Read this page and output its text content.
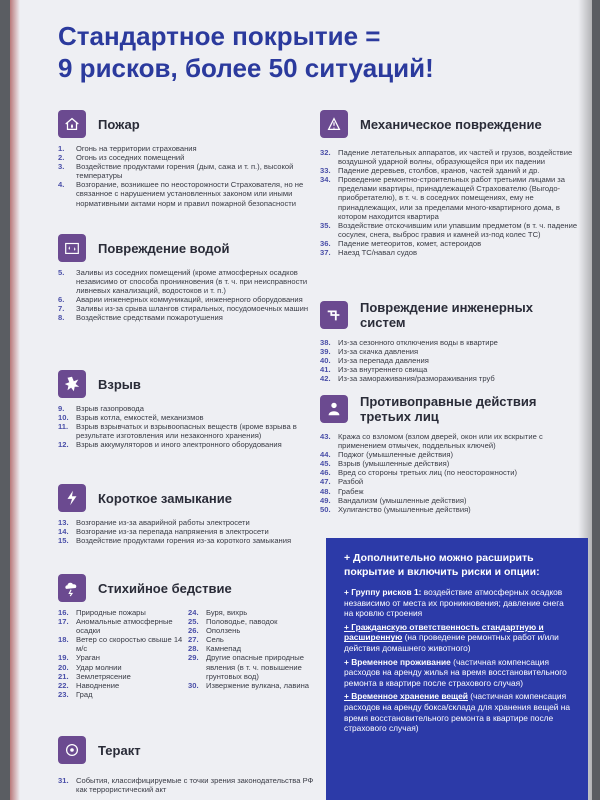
Стандартное покрытие =
9 рисков, более 50 ситуаций!
Пожар
1.	Огонь на территории страхования
2.	Огонь из соседних помещений
3.	Воздействие продуктами горения (дым, сажа и т. п.), высокой температуры
4.	Возгорание, возникшее по неосторожности Страхователя, но не связанное с нарушением установленных законом или иными нормативными актами норм и правил пожарной безопасности
Повреждение водой
5.	Заливы из соседних помещений (кроме атмосферных осадков независимо от способа проникновения (в т. ч. при неисправности ливневых канализаций, водостоков и т. п.)
6.	Аварии инженерных коммуникаций, инженерного оборудования
7.	Заливы из-за срыва шлангов стиральных, посудомоечных машин
8.	Воздействие средствами пожаротушения
Взрыв
9.	Взрыв газопровода
10. Взрыв котла, емкостей, механизмов
11.	Взрыв взрывчатых и взрывоопасных веществ (кроме взрыва в результате изготовления или незаконного хранения)
12. Взрыв аккумуляторов и иного электронного оборудования
Короткое замыкание
13. Возгорание из-за аварийной работы электросети
14. Возгорание из-за перепада напряжения в электросети
15. Воздействие продуктами горения из-за короткого замыкания
Стихийное бедствие
16. Природные пожары
17. Аномальные атмосферные осадки
18. Ветер со скоростью свыше 14 м/с
19. Ураган
20. Удар молнии
21. Землетрясение
22. Наводнение
23. Град
24. Буря, вихрь
25. Половодье, паводок
26. Оползень
27. Сель
28. Камнепад
29. Другие опасные природные явления (в т. ч. повышение грунтовых вод)
30. Извержение вулкана, лавина
Теракт
31. События, классифицируемые с точки зрения законодательства РФ как террористический акт
Механическое повреждение
32. Падение летательных аппаратов, их частей и грузов, воздействие воздушной ударной волны, образующейся при их падении
33. Падение деревьев, столбов, кранов, частей зданий и др.
34. Проведение ремонтно-строительных работ третьими лицами за пределами квартиры, принадлежащей Страхователю (Выгодо-приобретателю), в т. ч. в соседних помещениях, ему не принадлежащих, или за пределами много-квартирного дома, в котором находится квартира
35. Воздействие отскочившим или упавшим предметом (в т. ч. падение сосулек, снега, выброс гравия и камней из-под колес ТС)
36. Падение метеоритов, комет, астероидов
37. Наезд ТС/навал судов
Повреждение инженерных систем
38. Из-за сезонного отключения воды в квартире
39. Из-за скачка давления
40. Из-за перепада давления
41. Из-за внутреннего свища
42. Из-за замораживания/размораживания труб
Противоправные действия третьих лиц
43. Кража со взломом (взлом дверей, окон или их вскрытие с применением отмычек, поддельных ключей)
44. Поджог (умышленные действия)
45. Взрыв (умышленные действия)
46. Вред со стороны третьих лиц (по неосторожности)
47. Разбой
48. Грабеж
49. Вандализм (умышленные действия)
50. Хулиганство (умышленные действия)
+ Дополнительно можно расширить покрытие и включить риски и опции:
+ Группу рисков 1: воздействие атмосферных осадков независимо от места их проникновения; давление снега на кровлю строения
+ Гражданскую ответственность стандартную и расширенную (на проведение ремонтных работ и/или действия домашнего животного)
+ Временное проживание (частичная компенсация расходов на аренду жилья на время восстановительного ремонта в квартире после страхового случая)
+ Временное хранение вещей (частичная компенсация расходов на аренду бокса/склада для хранения вещей на время восстановительного ремонта в квартире после страхового случая)
